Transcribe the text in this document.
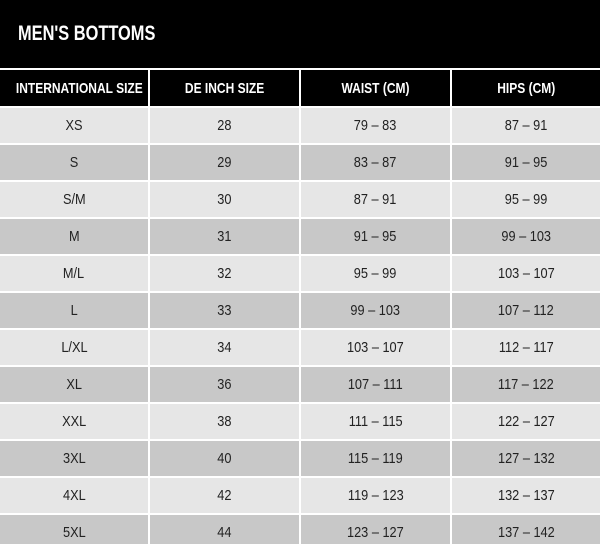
MEN'S BOTTOMS
INTERNATIONAL SIZE	DE INCH SIZE	WAIST (CM)	HIPS (CM)
XS	28	79 – 83	87 – 91
S	29	83 – 87	91 – 95
S/M	30	87 – 91	95 – 99
M	31	91 – 95	99 – 103
M/L	32	95 – 99	103 – 107
L	33	99 – 103	107 – 112
L/XL	34	103 – 107	112 – 117
XL	36	107 – 111	117 – 122
XXL	38	111 – 115	122 – 127
3XL	40	115 – 119	127 – 132
4XL	42	119 – 123	132 – 137
5XL	44	123 – 127	137 – 142
